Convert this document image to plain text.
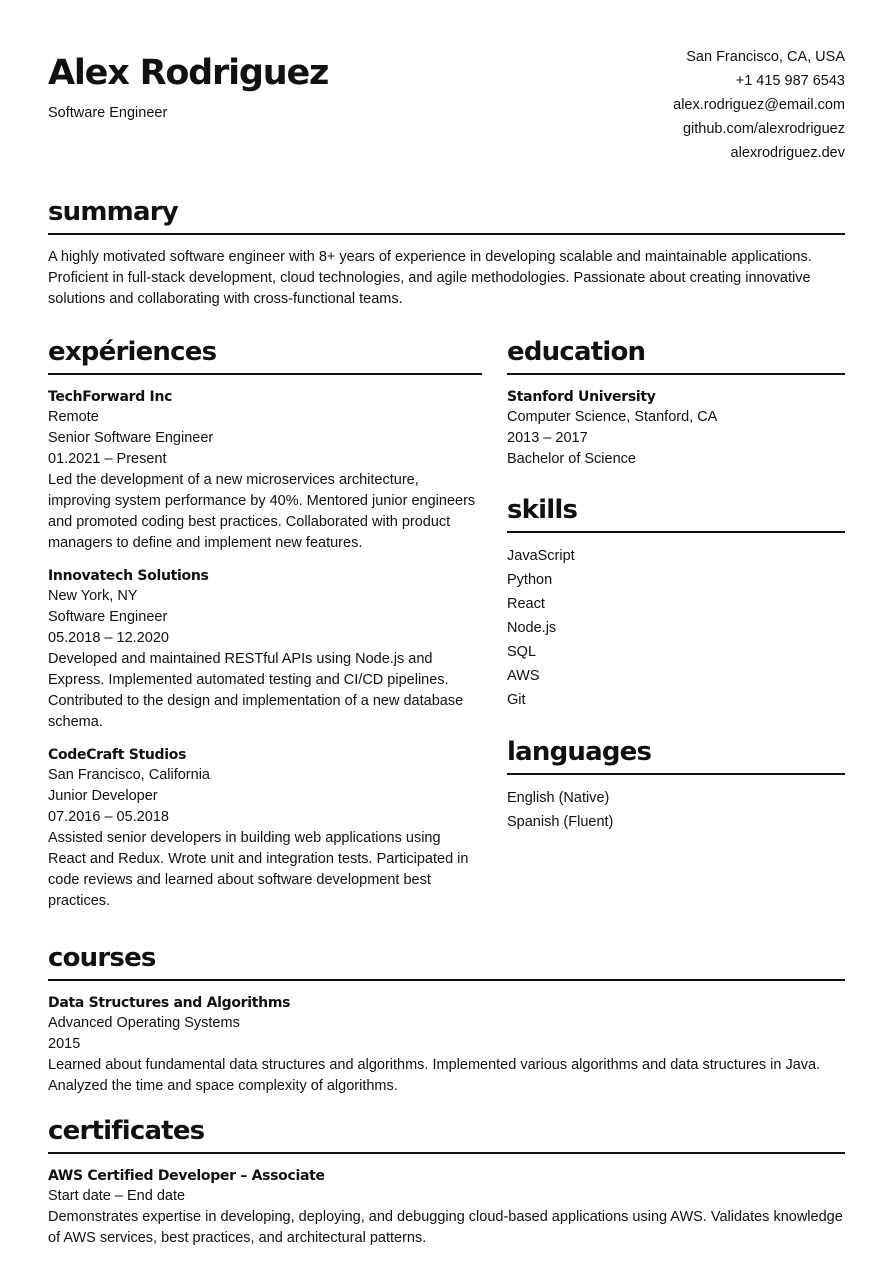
Alex Rodriguez
Software Engineer
San Francisco, CA, USA
+1 415 987 6543
alex.rodriguez@email.com
github.com/alexrodriguez
alexrodriguez.dev
summary
A highly motivated software engineer with 8+ years of experience in developing scalable and maintainable applications. Proficient in full-stack development, cloud technologies, and agile methodologies. Passionate about creating innovative solutions and collaborating with cross-functional teams.
expériences
TechForward Inc
Remote
Senior Software Engineer
01.2021 – Present
Led the development of a new microservices architecture, improving system performance by 40%. Mentored junior engineers and promoted coding best practices. Collaborated with product managers to define and implement new features.
Innovatech Solutions
New York, NY
Software Engineer
05.2018 – 12.2020
Developed and maintained RESTful APIs using Node.js and Express. Implemented automated testing and CI/CD pipelines. Contributed to the design and implementation of a new database schema.
CodeCraft Studios
San Francisco, California
Junior Developer
07.2016 – 05.2018
Assisted senior developers in building web applications using React and Redux. Wrote unit and integration tests. Participated in code reviews and learned about software development best practices.
education
Stanford University
Computer Science, Stanford, CA
2013 – 2017
Bachelor of Science
skills
JavaScript
Python
React
Node.js
SQL
AWS
Git
languages
English (Native)
Spanish (Fluent)
courses
Data Structures and Algorithms
Advanced Operating Systems
2015
Learned about fundamental data structures and algorithms. Implemented various algorithms and data structures in Java. Analyzed the time and space complexity of algorithms.
certificates
AWS Certified Developer – Associate
Start date – End date
Demonstrates expertise in developing, deploying, and debugging cloud-based applications using AWS. Validates knowledge of AWS services, best practices, and architectural patterns.
